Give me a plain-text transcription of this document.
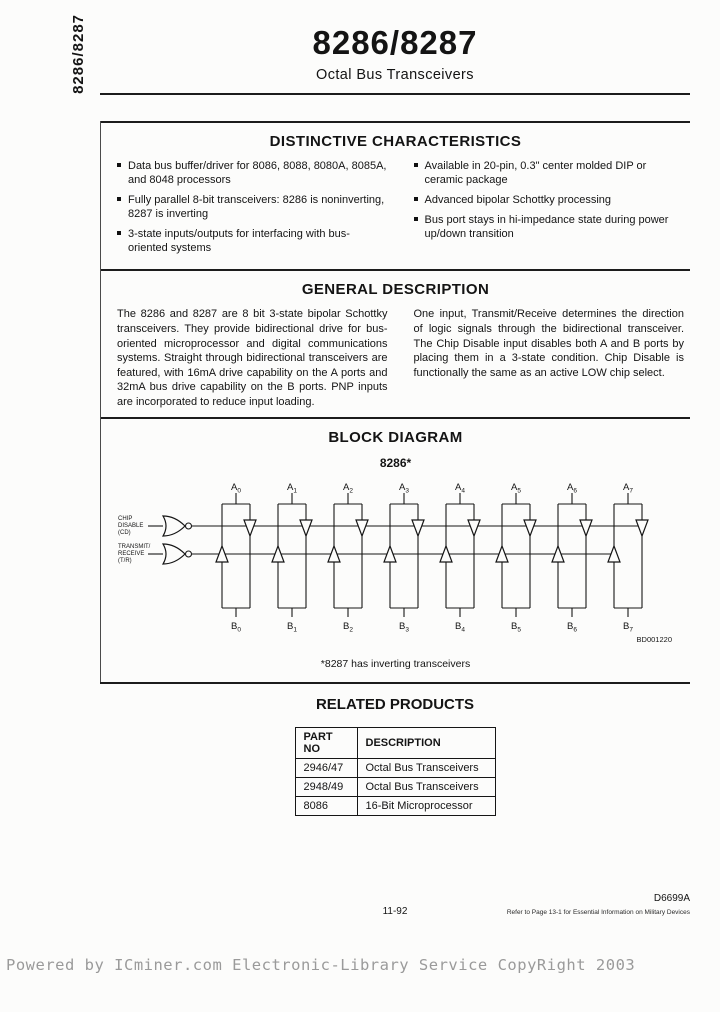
8286/8287	8286/8287
Octal Bus Transceivers
DISTINCTIVE CHARACTERISTICS
Data bus buffer/driver for 8086, 8088, 8080A, 8085A, and 8048 processors
Fully parallel 8-bit transceivers: 8286 is noninverting, 8287 is inverting
3-state inputs/outputs for interfacing with bus-oriented systems
Available in 20-pin, 0.3" center molded DIP or ceramic package
Advanced bipolar Schottky processing
Bus port stays in hi-impedance state during power up/down transition
GENERAL DESCRIPTION

The 8286 and 8287 are 8 bit 3-state bipolar Schottky transceivers. They provide bidirectional drive for bus-oriented microprocessor and digital communications systems. Straight through bidirectional transceivers are featured, with 16mA drive capability on the A ports and 32mA bus drive capability on the B ports. PNP inputs are incorporated to reduce input loading.

One input, Transmit/Receive determines the direction of logic signals through the bidirectional transceiver. The Chip Disable input disables both A and B ports by placing them in a 3-state condition. Chip Disable is functionally the same as an active LOW chip select.

BLOCK DIAGRAM
8286*
CHIP
DISABLE
(CD)
TRANSMIT/
RECEIVE
(T/R)
BD001220
$A_0$
$B_0$
$A_1$
$B_1$
$A_2$
$B_2$
$A_3$
$B_3$
$A_4$
$B_4$
$A_5$
$B_5$
$A_6$
$B_6$
$A_7$
$B_7$
*8287 has inverting transceivers
RELATED PRODUCTS
PART NO	DESCRIPTION
2946/47	Octal Bus Transceivers
2948/49	Octal Bus Transceivers
8086	16-Bit Microprocessor
D6699A
11-92	Refer to Page 13-1 for Essential Information on Military Devices
Powered by ICminer.com Electronic-Library Service CopyRight 2003
